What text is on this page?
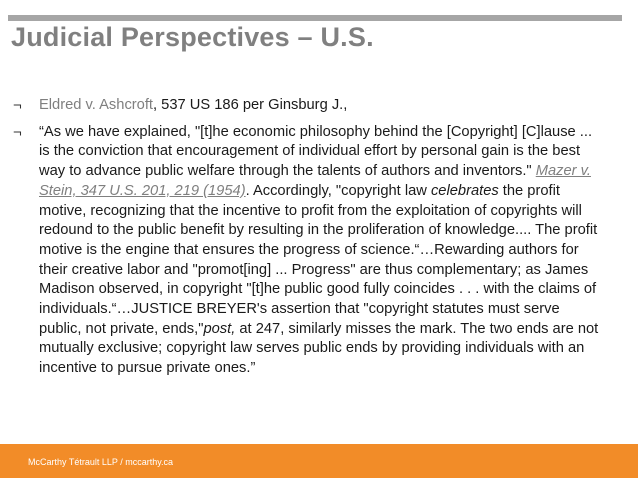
Judicial Perspectives – U.S.
¬ Eldred v. Ashcroft, 537 US 186 per Ginsburg J.,
¬ “As we have explained, "[t]he economic philosophy behind the [Copyright] [C]lause ... is the conviction that encouragement of individual effort by personal gain is the best way to advance public welfare through the talents of authors and inventors." Mazer v. Stein, 347 U.S. 201, 219 (1954). Accordingly, "copyright law celebrates the profit motive, recognizing that the incentive to profit from the exploitation of copyrights will redound to the public benefit by resulting in the proliferation of knowledge.... The profit motive is the engine that ensures the progress of science.“…Rewarding authors for their creative labor and "promot[ing] ... Progress" are thus complementary; as James Madison observed, in copyright "[t]he public good fully coincides . . . with the claims of individuals.“…JUSTICE BREYER's assertion that "copyright statutes must serve public, not private, ends,"post, at 247, similarly misses the mark. The two ends are not mutually exclusive; copyright law serves public ends by providing individuals with an incentive to pursue private ones.”
McCarthy Tétrault LLP / mccarthy.ca
